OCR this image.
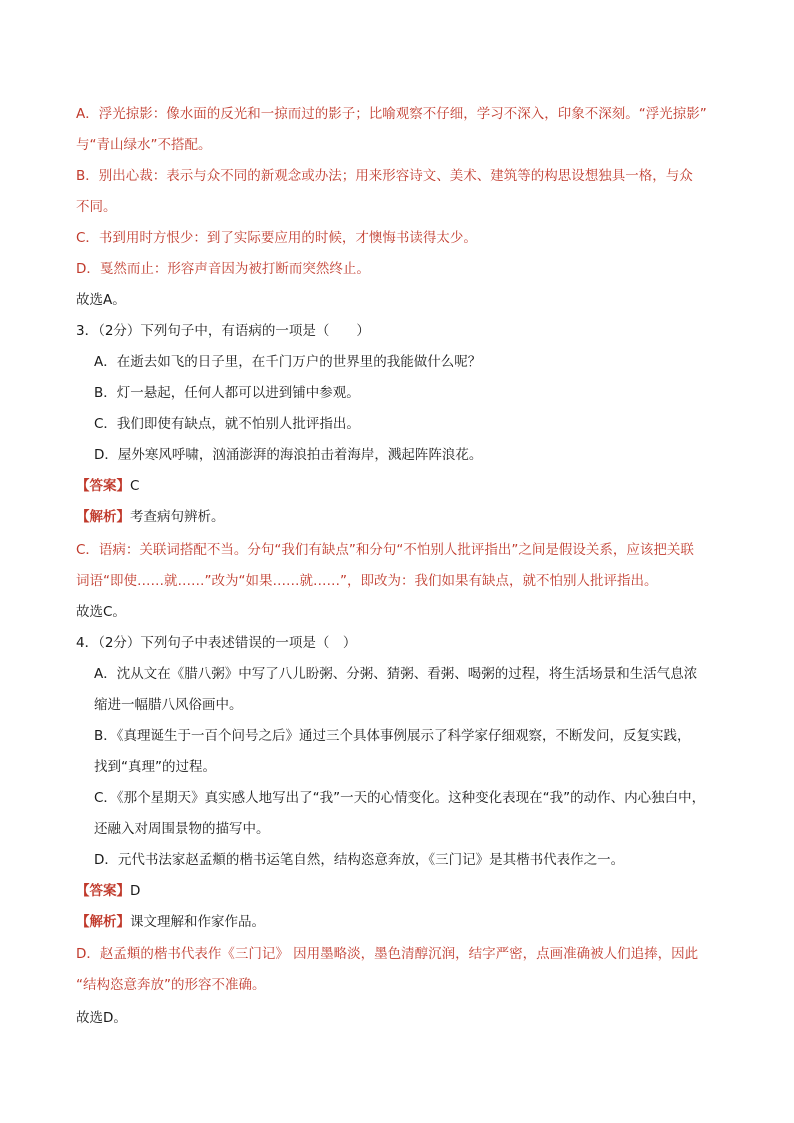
A．浮光掠影：像水面的反光和一掠而过的影子；比喻观察不仔细，学习不深入，印象不深刻。“浮光掠影”
与“青山绿水”不搭配。
B．别出心裁：表示与众不同的新观念或办法；用来形容诗文、美术、建筑等的构思设想独具一格，与众
不同。
C．书到用时方恨少：到了实际要应用的时候，才懊悔书读得太少。
D．戛然而止：形容声音因为被打断而突然终止。
故选A。
3．（2分）下列句子中，有语病的一项是（　　）
A．在逝去如飞的日子里，在千门万户的世界里的我能做什么呢？
B．灯一悬起，任何人都可以进到铺中参观。
C．我们即使有缺点，就不怕别人批评指出。
D．屋外寒风呼啸，汹涌澎湃的海浪拍击着海岸，溅起阵阵浪花。
【答案】C
【解析】考查病句辨析。
C．语病：关联词搭配不当。分句“我们有缺点”和分句“不怕别人批评指出”之间是假设关系，应该把关联
词语“即使……就……”改为“如果……就……”，即改为：我们如果有缺点，就不怕别人批评指出。
故选C。
4．（2分）下列句子中表述错误的一项是（　）
A．沈从文在《腊八粥》中写了八儿盼粥、分粥、猜粥、看粥、喝粥的过程，将生活场景和生活气息浓
缩进一幅腊八风俗画中。
B．《真理诞生于一百个问号之后》通过三个具体事例展示了科学家仔细观察，不断发问，反复实践，
找到“真理”的过程。
C．《那个星期天》真实感人地写出了“我”一天的心情变化。这种变化表现在“我”的动作、内心独白中，
还融入对周围景物的描写中。
D．元代书法家赵孟頫的楷书运笔自然，结构恣意奔放，《三门记》是其楷书代表作之一。
【答案】D
【解析】课文理解和作家作品。
D．赵孟頫的楷书代表作《三门记》 因用墨略淡，墨色清醇沉润，结字严密，点画准确被人们追捧，因此
“结构恣意奔放”的形容不准确。
故选D。
